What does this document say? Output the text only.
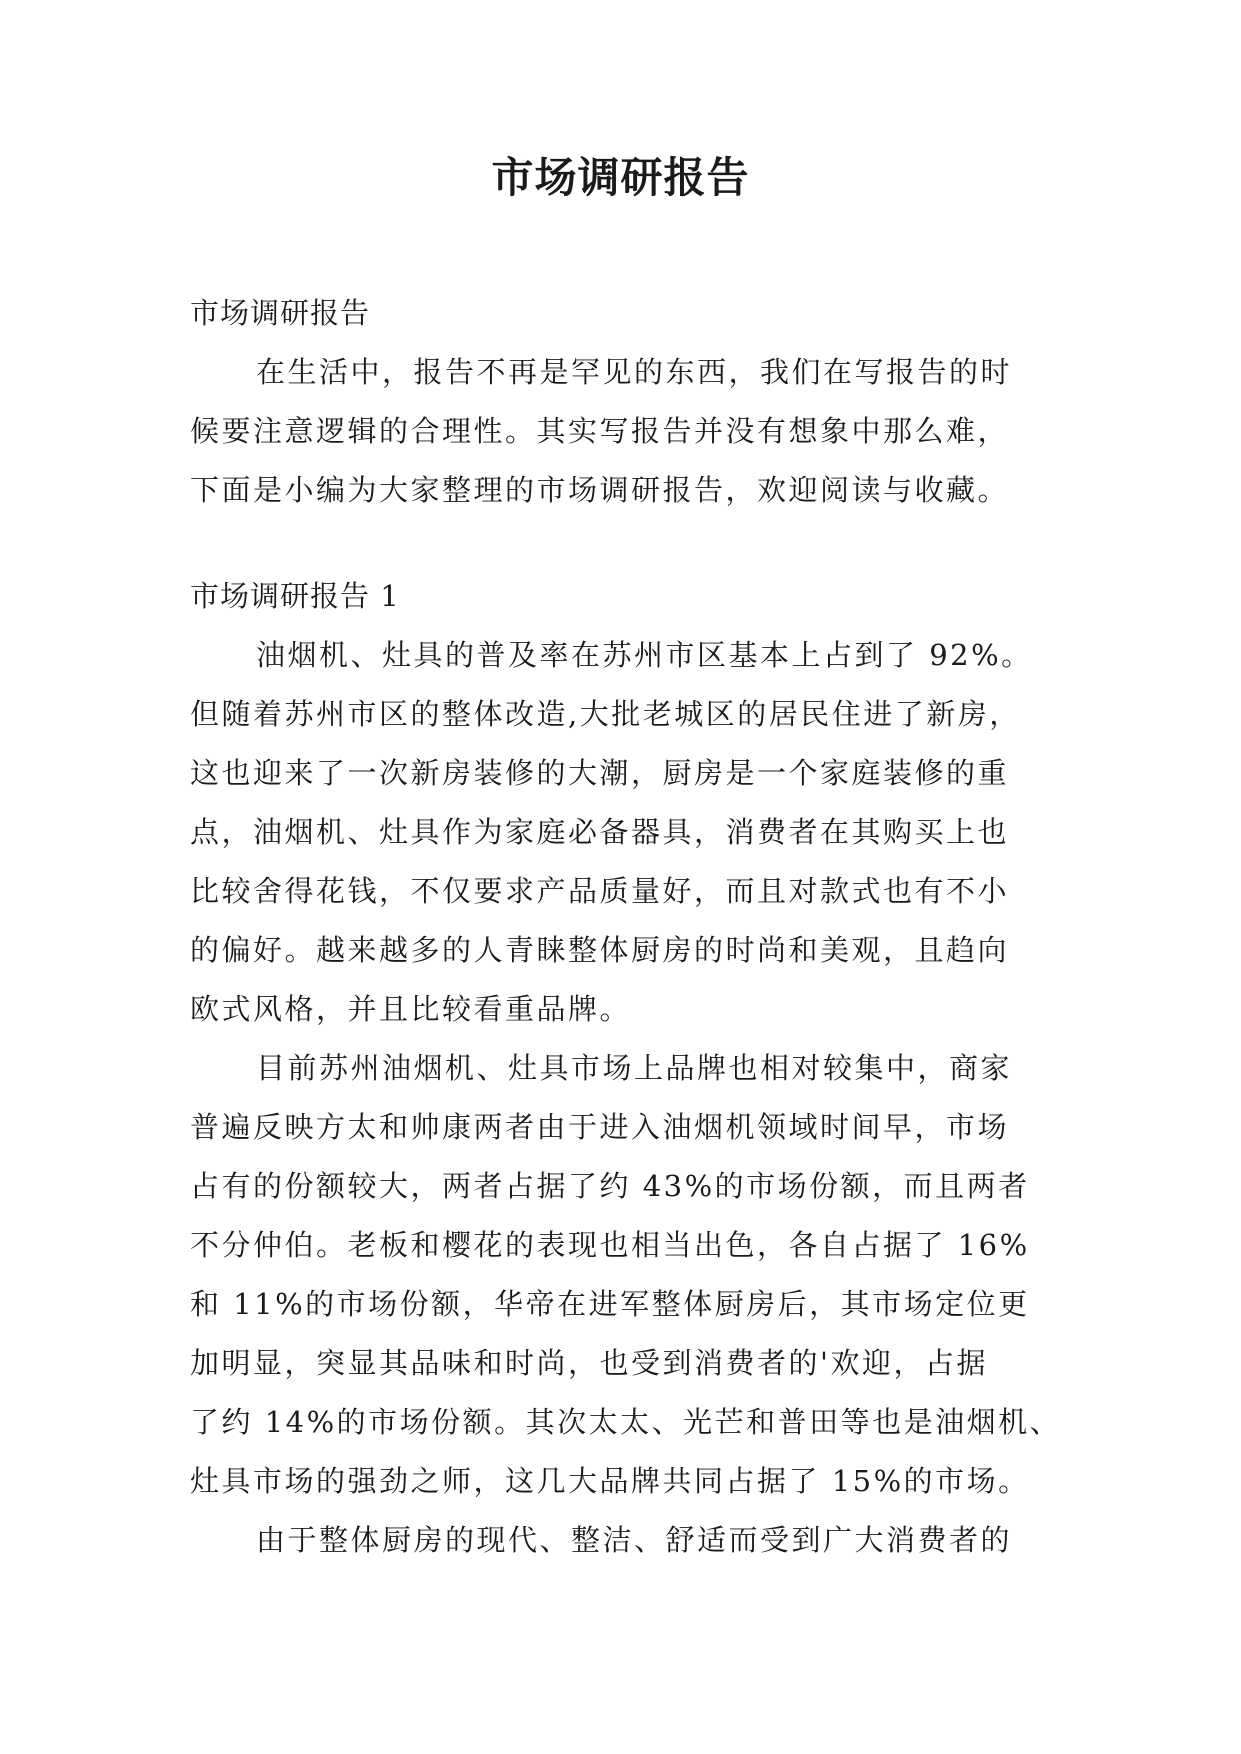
市场调研报告
市场调研报告
在生活中，报告不再是罕见的东西，我们在写报告的时
候要注意逻辑的合理性。其实写报告并没有想象中那么难，
下面是小编为大家整理的市场调研报告，欢迎阅读与收藏。
市场调研报告 1
油烟机、灶具的普及率在苏州市区基本上占到了 92%。
但随着苏州市区的整体改造,大批老城区的居民住进了新房，
这也迎来了一次新房装修的大潮，厨房是一个家庭装修的重
点，油烟机、灶具作为家庭必备器具，消费者在其购买上也
比较舍得花钱，不仅要求产品质量好，而且对款式也有不小
的偏好。越来越多的人青睐整体厨房的时尚和美观，且趋向
欧式风格，并且比较看重品牌。
目前苏州油烟机、灶具市场上品牌也相对较集中，商家
普遍反映方太和帅康两者由于进入油烟机领域时间早，市场
占有的份额较大，两者占据了约 43%的市场份额，而且两者
不分仲伯。老板和樱花的表现也相当出色，各自占据了 16%
和 11%的市场份额，华帝在进军整体厨房后，其市场定位更
加明显，突显其品味和时尚，也受到消费者的'欢迎，占据
了约 14%的市场份额。其次太太、光芒和普田等也是油烟机、
灶具市场的强劲之师，这几大品牌共同占据了 15%的市场。
由于整体厨房的现代、整洁、舒适而受到广大消费者的
